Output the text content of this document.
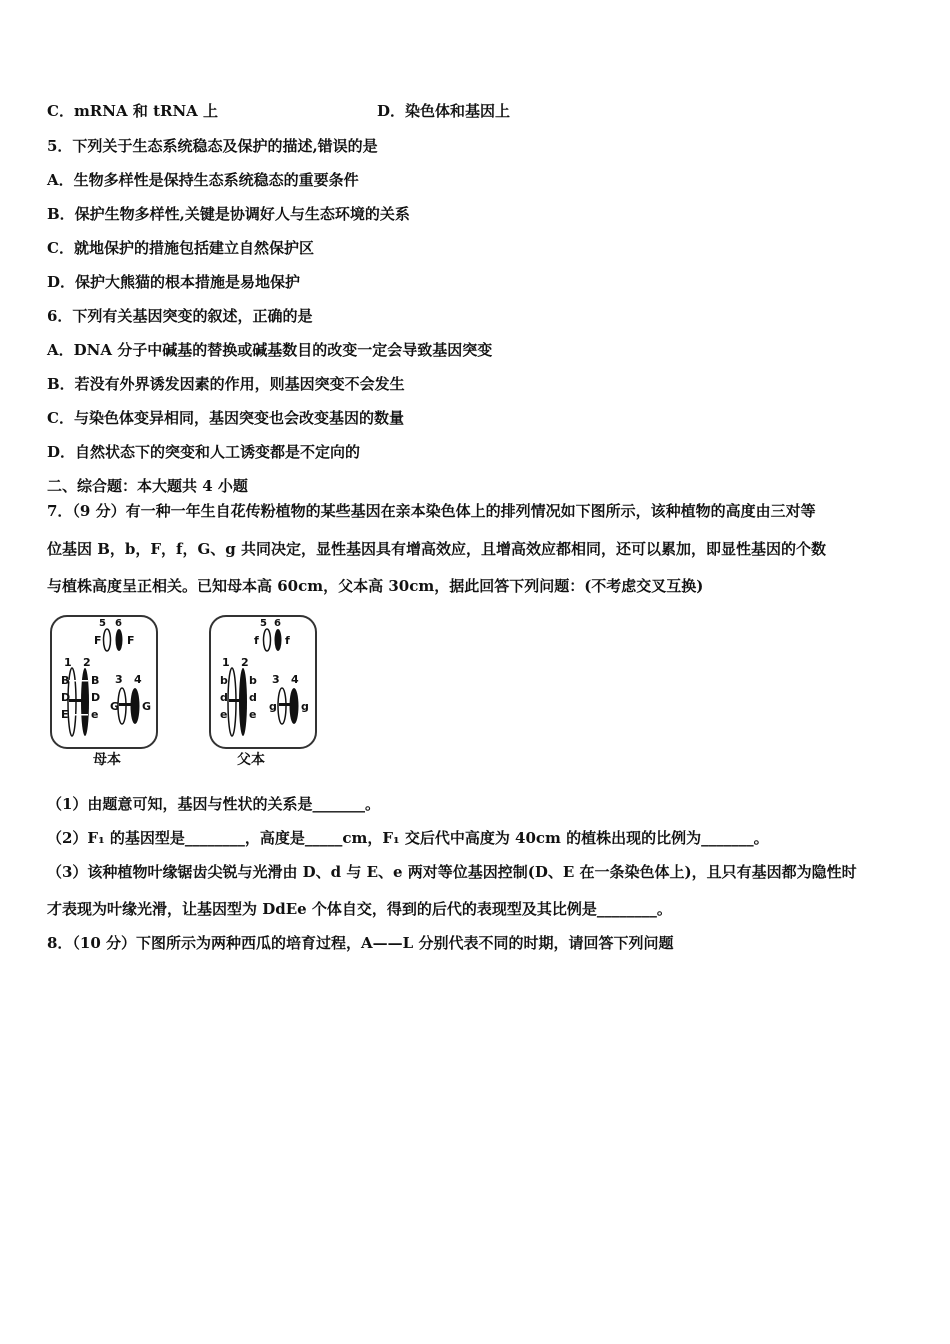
C．mRNA 和 tRNA 上	D．染色体和基因上
5．下列关于生态系统稳态及保护的描述,错误的是
A．生物多样性是保持生态系统稳态的重要条件
B．保护生物多样性,关键是协调好人与生态环境的关系
C．就地保护的措施包括建立自然保护区
D．保护大熊猫的根本措施是易地保护
6．下列有关基因突变的叙述，正确的是
A．DNA 分子中碱基的替换或碱基数目的改变一定会导致基因突变
B．若没有外界诱发因素的作用，则基因突变不会发生
C．与染色体变异相同，基因突变也会改变基因的数量
D．自然状态下的突变和人工诱变都是不定向的
二、综合题：本大题共 4 小题
7．（9 分）有一种一年生自花传粉植物的某些基因在亲本染色体上的排列情况如下图所示，该种植物的高度由三对等
位基因 B，b，F，f，G、g 共同决定，显性基因具有增高效应，且增高效应都相同，还可以累加，即显性基因的个数
与植株高度呈正相关。已知母本高 60cm，父本高 30cm，据此回答下列问题：(不考虑交叉互换)
5 6
F F
1 2
B B
D D
E e
3 4
G G
母本
5 6
f f
1 2
b b
d d
e e
3 4
g g
父本
（1）由题意可知，基因与性状的关系是_______。
（2）F₁ 的基因型是________，高度是_____cm，F₁ 交后代中高度为 40cm 的植株出现的比例为_______。
（3）该种植物叶缘锯齿尖锐与光滑由 D、d 与 E、e 两对等位基因控制(D、E 在一条染色体上)，且只有基因都为隐性时
才表现为叶缘光滑，让基因型为 DdEe 个体自交，得到的后代的表现型及其比例是________。
8．（10 分）下图所示为两种西瓜的培育过程，A——L 分别代表不同的时期，请回答下列问题
